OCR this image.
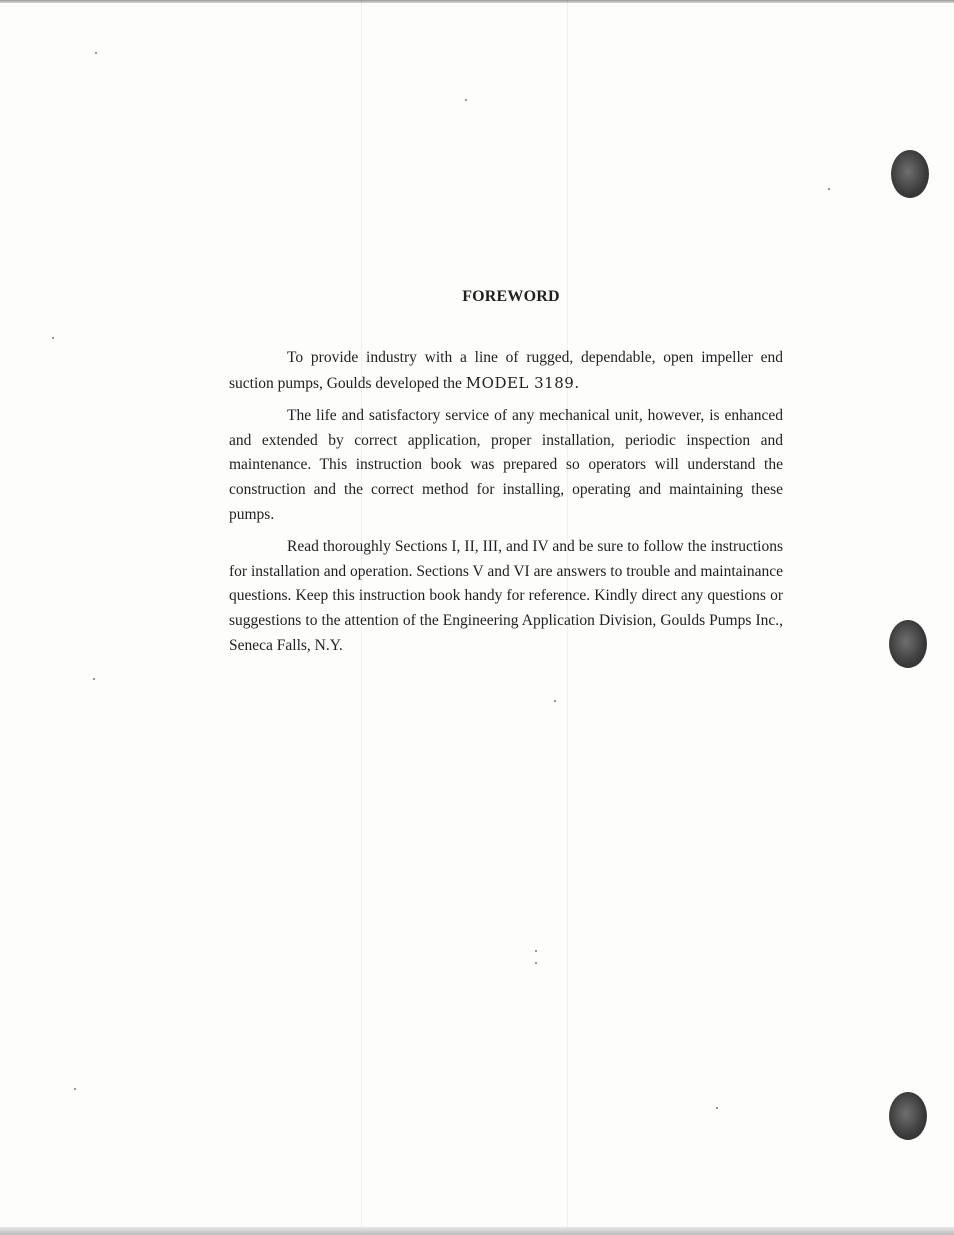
FOREWORD

To provide industry with a line of rugged, dependable, open impeller end suction pumps, Goulds developed the MODEL 3189.

The life and satisfactory service of any mechanical unit, however, is enhanced and extended by correct application, proper installation, periodic inspection and maintenance. This instruction book was prepared so operators will understand the construction and the correct method for installing, operating and maintaining these pumps.

Read thoroughly Sections I, II, III, and IV and be sure to follow the instructions for installation and operation. Sections V and VI are answers to trouble and maintainance questions. Keep this instruction book handy for reference. Kindly direct any questions or suggestions to the attention of the Engineering Application Division, Goulds Pumps Inc., Seneca Falls, N.Y.
